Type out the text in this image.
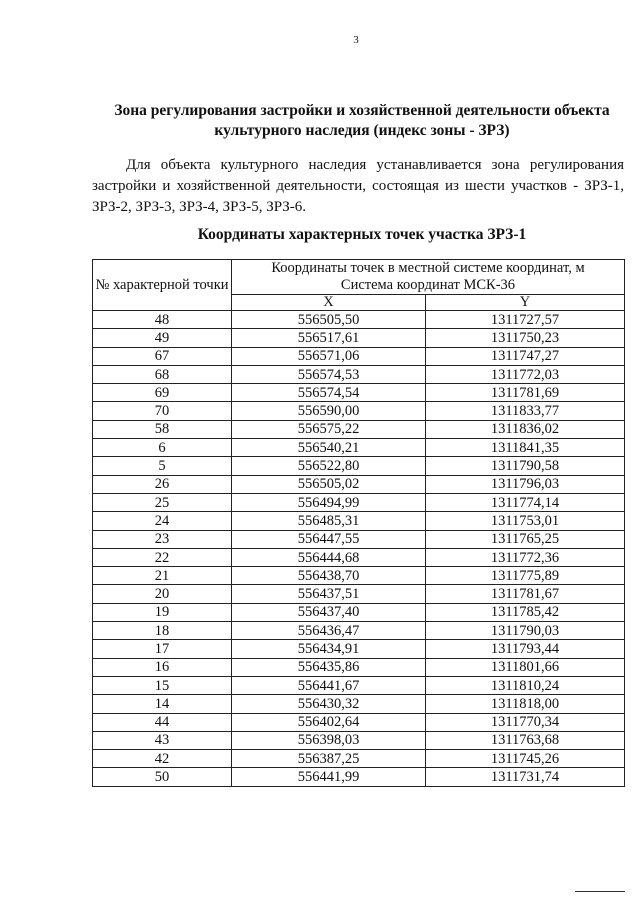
3
Зона регулирования застройки и хозяйственной деятельности объекта культурного наследия (индекс зоны - ЗРЗ)
Для объекта культурного наследия устанавливается зона регулирования застройки и хозяйственной деятельности, состоящая из шести участков - ЗРЗ-1, ЗРЗ-2, ЗРЗ-3, ЗРЗ-4, ЗРЗ-5, ЗРЗ-6.
Координаты характерных точек участка ЗРЗ-1
№ характерной точки	Координаты точек в местной системе координат, м
Система координат МСК-36	

	X	Y
48	556505,50	1311727,57
49	556517,61	1311750,23
67	556571,06	1311747,27
68	556574,53	1311772,03
69	556574,54	1311781,69
70	556590,00	1311833,77
58	556575,22	1311836,02
6	556540,21	1311841,35
5	556522,80	1311790,58
26	556505,02	1311796,03
25	556494,99	1311774,14
24	556485,31	1311753,01
23	556447,55	1311765,25
22	556444,68	1311772,36
21	556438,70	1311775,89
20	556437,51	1311781,67
19	556437,40	1311785,42
18	556436,47	1311790,03
17	556434,91	1311793,44
16	556435,86	1311801,66
15	556441,67	1311810,24
14	556430,32	1311818,00
44	556402,64	1311770,34
43	556398,03	1311763,68
42	556387,25	1311745,26
50	556441,99	1311731,74
